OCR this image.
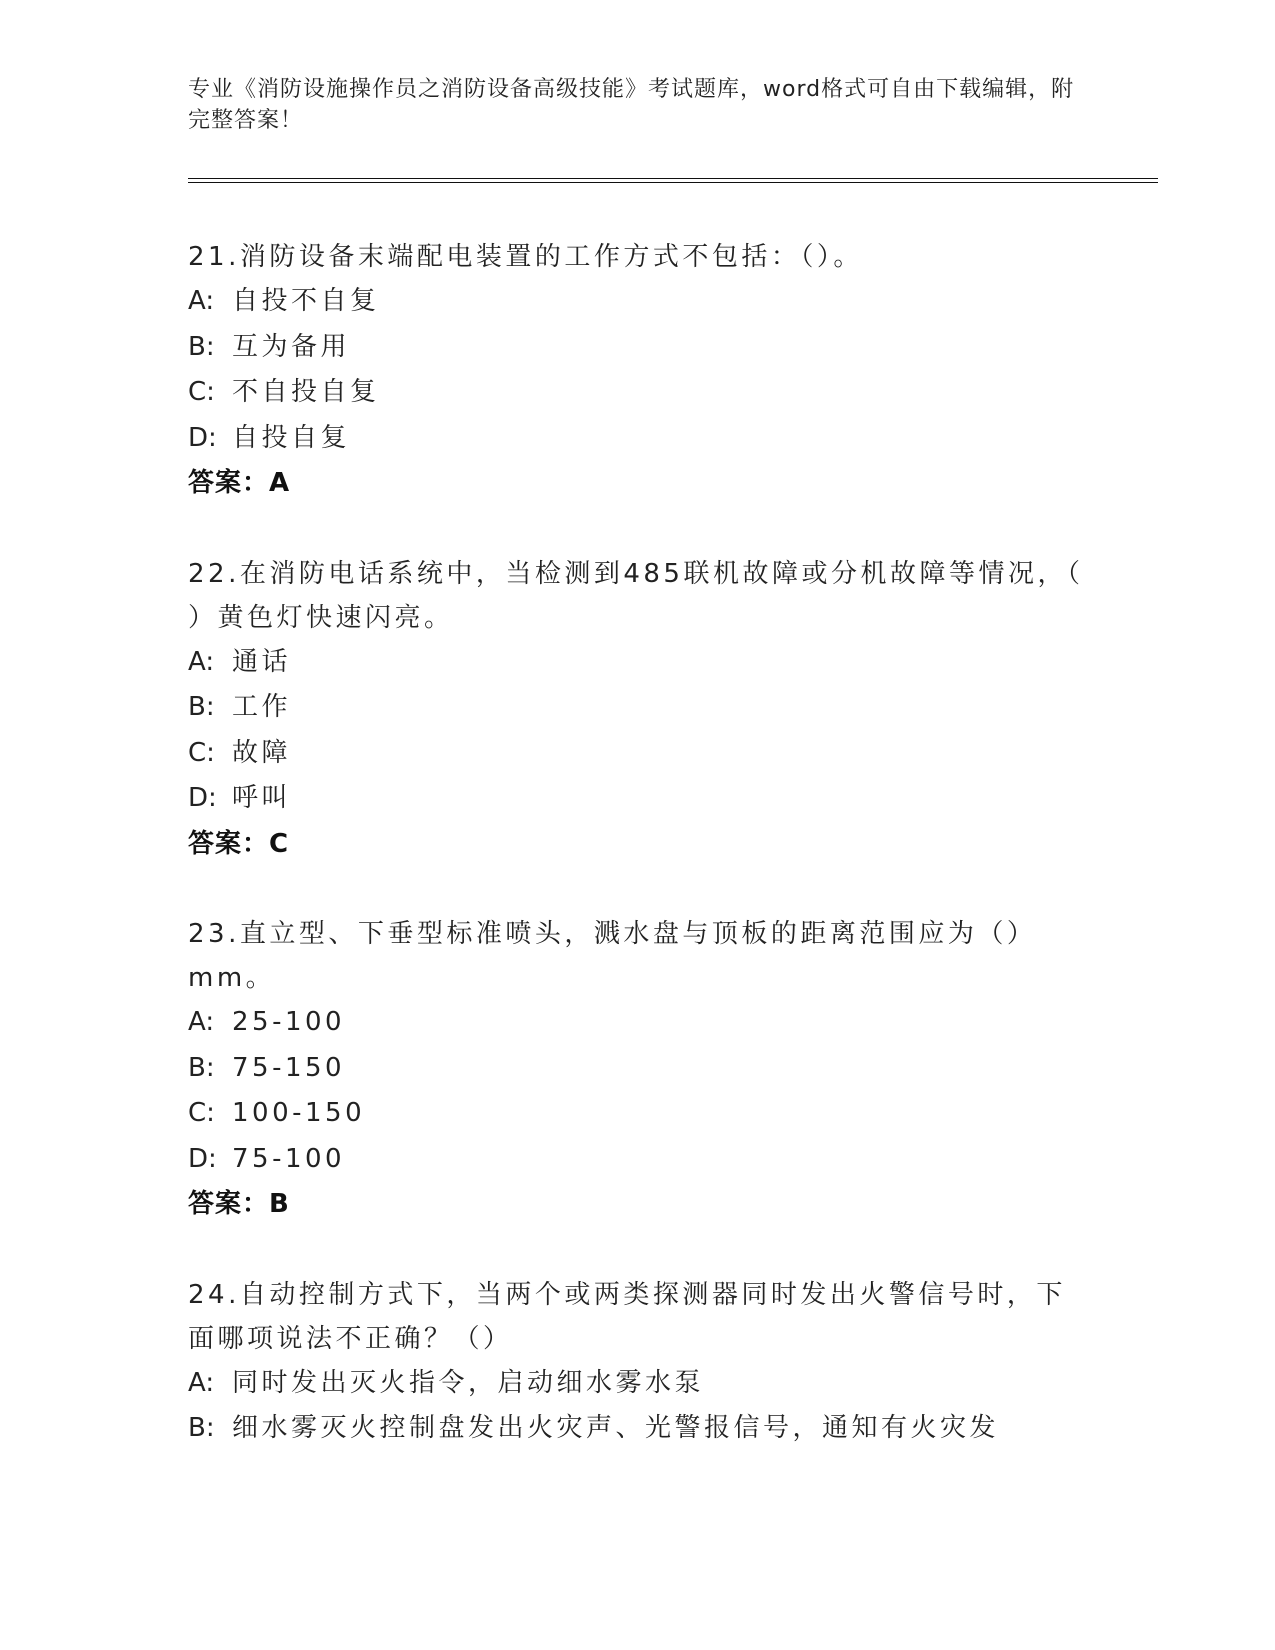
专业《消防设施操作员之消防设备高级技能》考试题库，word格式可自由下载编辑，附完整答案！
21.消防设备末端配电装置的工作方式不包括：（）。
A: 自投不自复
B: 互为备用
C: 不自投自复
D: 自投自复
答案：A
22.在消防电话系统中，当检测到485联机故障或分机故障等情况，（ ）黄色灯快速闪亮。
A: 通话
B: 工作
C: 故障
D: 呼叫
答案：C
23.直立型、下垂型标准喷头，溅水盘与顶板的距离范围应为（）mm。
A: 25-100
B: 75-150
C: 100-150
D: 75-100
答案：B
24.自动控制方式下，当两个或两类探测器同时发出火警信号时，下面哪项说法不正确？（）
A: 同时发出灭火指令，启动细水雾水泵
B: 细水雾灭火控制盘发出火灾声、光警报信号，通知有火灾发
